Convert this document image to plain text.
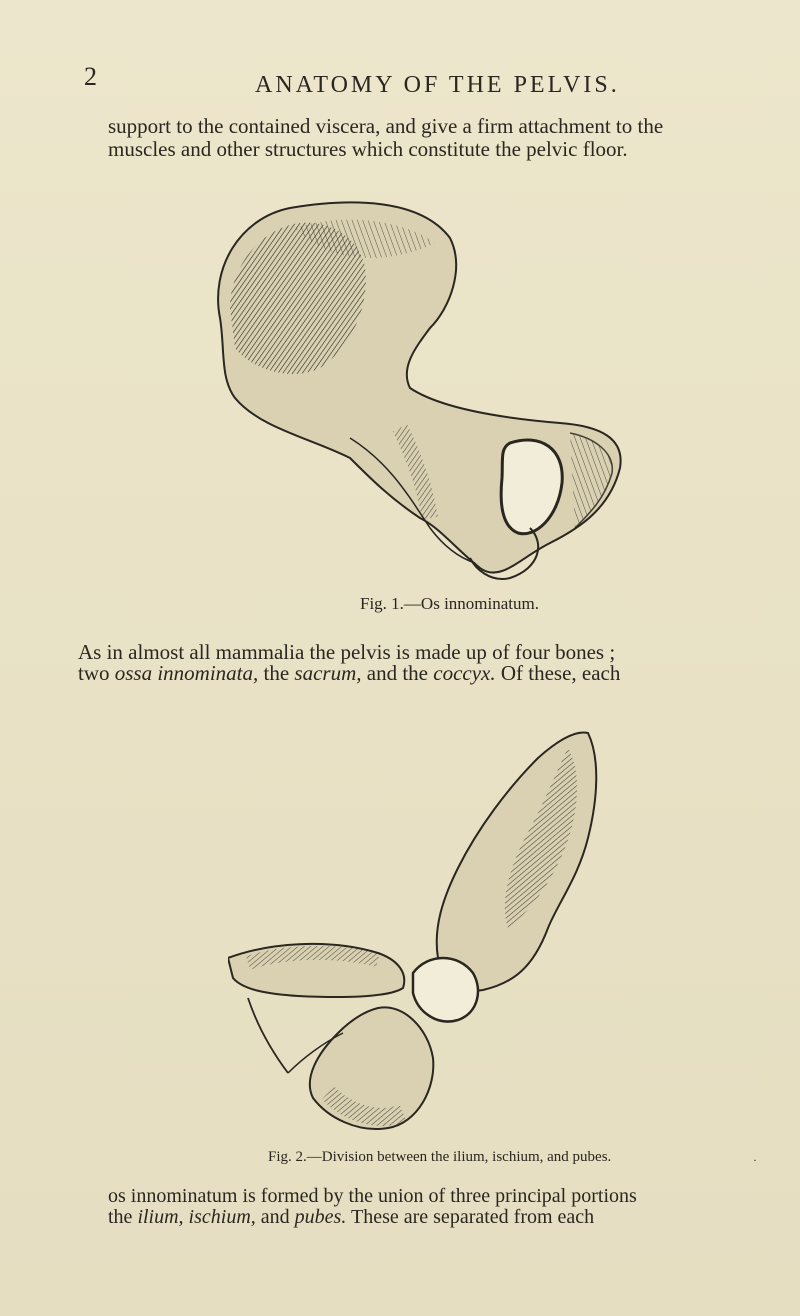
2	ANATOMY OF THE PELVIS.
support to the contained viscera, and give a firm attachment to the
muscles and other structures which constitute the pelvic floor.
Fig. 1.—Os innominatum.
As in almost all mammalia the pelvis is made up of four bones ;
two ossa innominata, the sacrum, and the coccyx. Of these, each
Fig. 2.—Division between the ilium, ischium, and pubes.	·
os innominatum is formed by the union of three principal portions
the ilium, ischium, and pubes. These are separated from each
